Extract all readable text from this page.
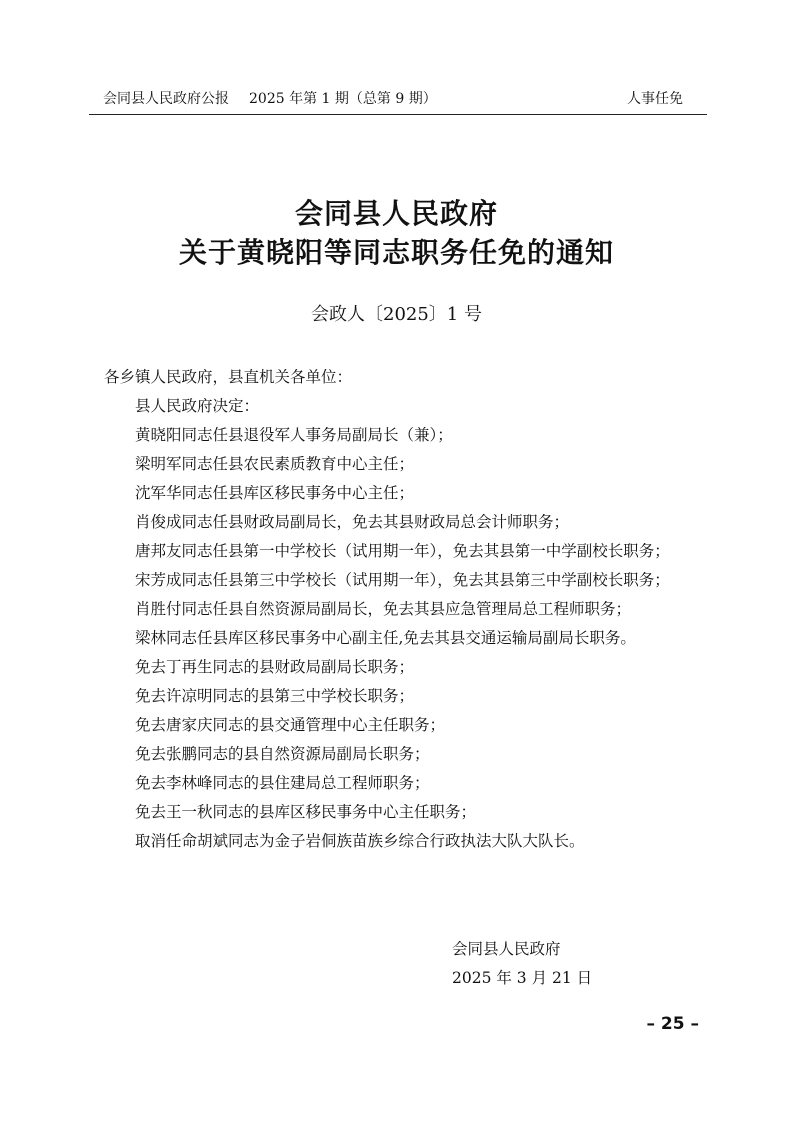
会同县人民政府公报 2025 年第 1 期（总第 9 期）	人事任免
会同县人民政府
关于黄晓阳等同志职务任免的通知
会政人〔2025〕1 号

各乡镇人民政府，县直机关各单位：

县人民政府决定：

黄晓阳同志任县退役军人事务局副局长（兼）；

梁明军同志任县农民素质教育中心主任；

沈军华同志任县库区移民事务中心主任；

肖俊成同志任县财政局副局长，免去其县财政局总会计师职务；

唐邦友同志任县第一中学校长（试用期一年），免去其县第一中学副校长职务；

宋芳成同志任县第三中学校长（试用期一年），免去其县第三中学副校长职务；

肖胜付同志任县自然资源局副局长，免去其县应急管理局总工程师职务；

梁林同志任县库区移民事务中心副主任,免去其县交通运输局副局长职务。

免去丁再生同志的县财政局副局长职务；

免去许凉明同志的县第三中学校长职务；

免去唐家庆同志的县交通管理中心主任职务；

免去张鹏同志的县自然资源局副局长职务；

免去李林峰同志的县住建局总工程师职务；

免去王一秋同志的县库区移民事务中心主任职务；

取消任命胡斌同志为金子岩侗族苗族乡综合行政执法大队大队长。

会同县人民政府
2025 年 3 月 21 日
– 25 –
